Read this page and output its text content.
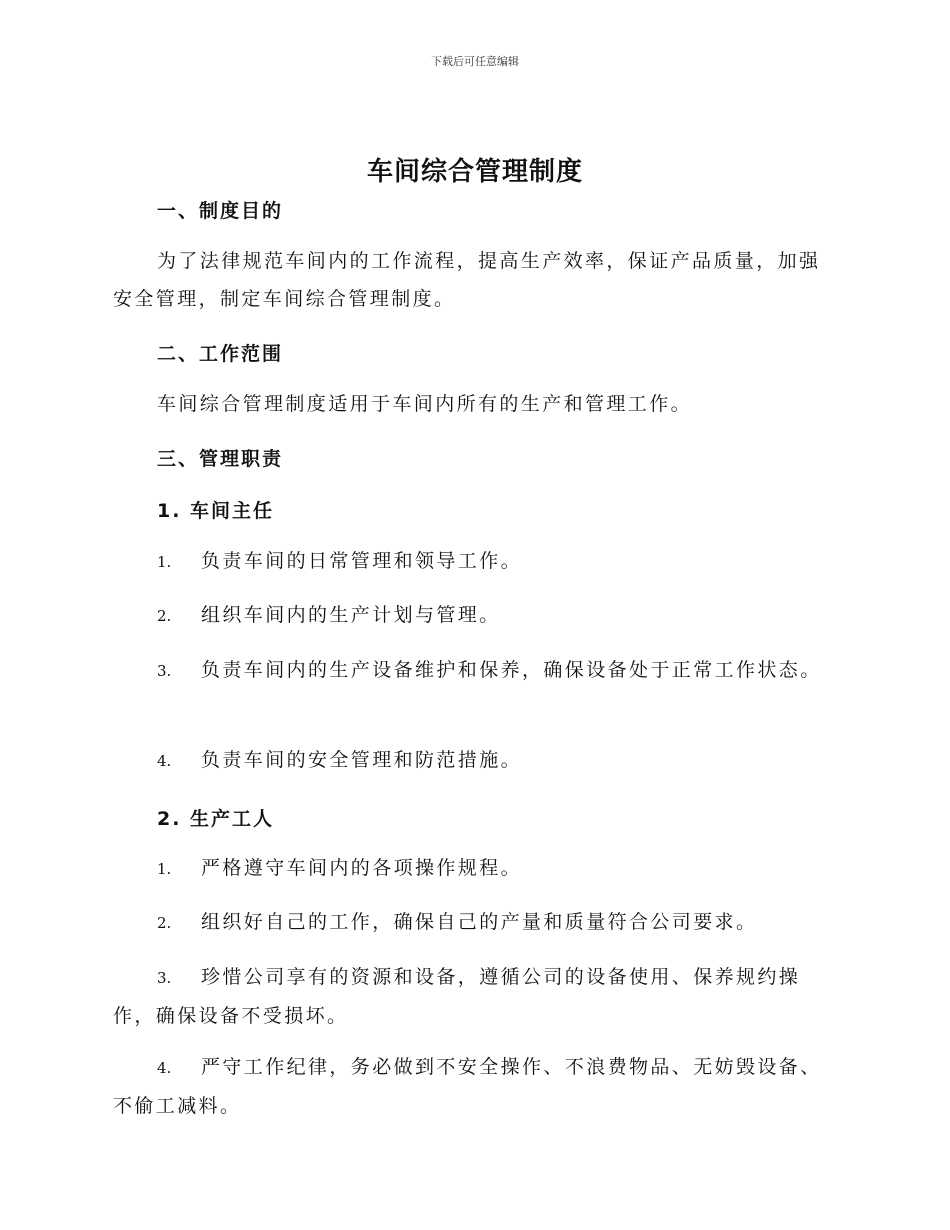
下载后可任意编辑
车间综合管理制度
一、制度目的
为了法律规范车间内的工作流程，提高生产效率，保证产品质量，加强安全管理，制定车间综合管理制度。
二、工作范围
车间综合管理制度适用于车间内所有的生产和管理工作。
三、管理职责
1. 车间主任
1. 负责车间的日常管理和领导工作。
2. 组织车间内的生产计划与管理。
3. 负责车间内的生产设备维护和保养，确保设备处于正常工作状态。
4. 负责车间的安全管理和防范措施。
2. 生产工人
1. 严格遵守车间内的各项操作规程。
2. 组织好自己的工作，确保自己的产量和质量符合公司要求。
3. 珍惜公司享有的资源和设备，遵循公司的设备使用、保养规约操作，确保设备不受损坏。
4. 严守工作纪律，务必做到不安全操作、不浪费物品、无妨毁设备、不偷工减料。
